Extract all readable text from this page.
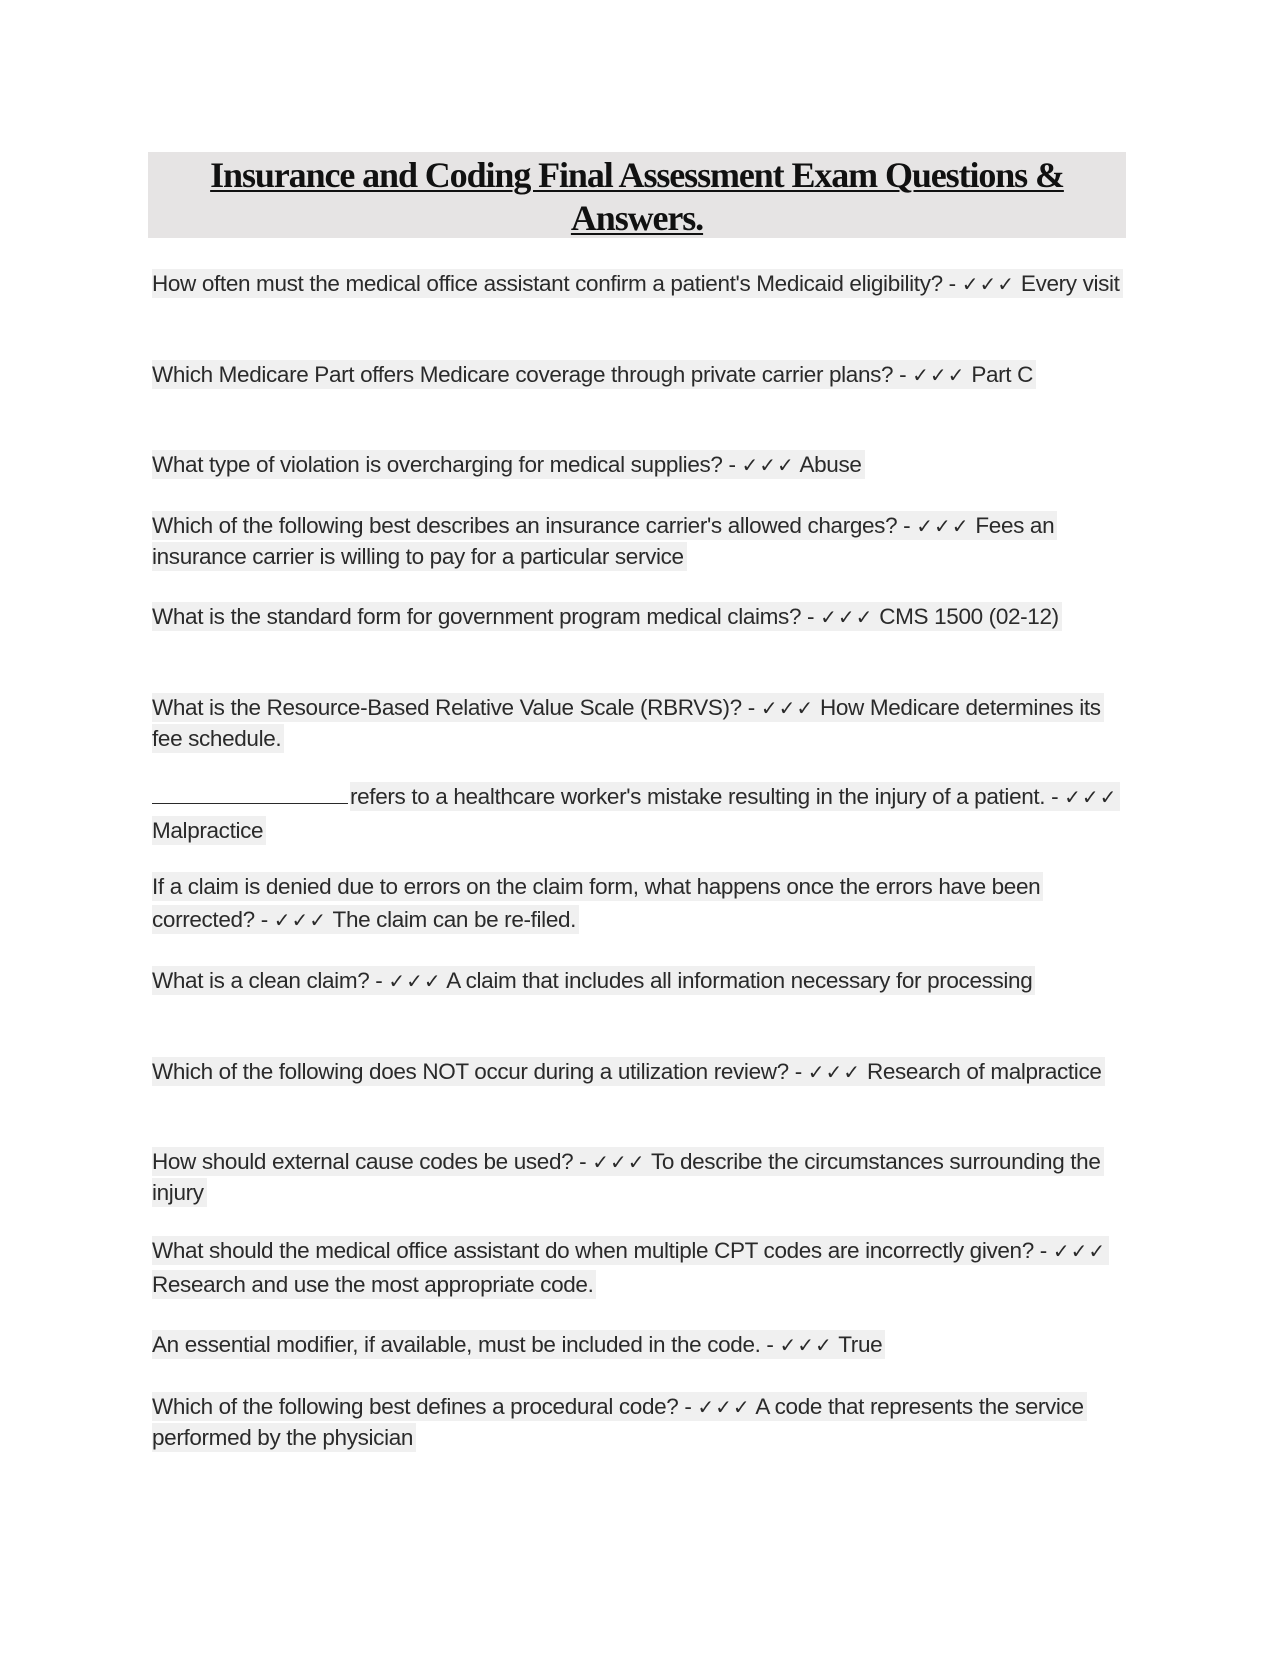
Insurance and Coding Final Assessment Exam Questions &
Answers.

How often must the medical office assistant confirm a patient's Medicaid eligibility? - ✓✓✓ Every visit

Which Medicare Part offers Medicare coverage through private carrier plans? - ✓✓✓ Part C

What type of violation is overcharging for medical supplies? - ✓✓✓ Abuse

Which of the following best describes an insurance carrier's allowed charges? - ✓✓✓ Fees an insurance carrier is willing to pay for a particular service

What is the standard form for government program medical claims? - ✓✓✓ CMS 1500 (02-12)

What is the Resource-Based Relative Value Scale (RBRVS)? - ✓✓✓ How Medicare determines its fee schedule.

refers to a healthcare worker's mistake resulting in the injury of a patient. - ✓✓✓ Malpractice

If a claim is denied due to errors on the claim form, what happens once the errors have been corrected? - ✓✓✓ The claim can be re-filed.

What is a clean claim? - ✓✓✓ A claim that includes all information necessary for processing

Which of the following does NOT occur during a utilization review? - ✓✓✓ Research of malpractice

How should external cause codes be used? - ✓✓✓ To describe the circumstances surrounding the injury

What should the medical office assistant do when multiple CPT codes are incorrectly given? - ✓✓✓ Research and use the most appropriate code.

An essential modifier, if available, must be included in the code. - ✓✓✓ True

Which of the following best defines a procedural code? - ✓✓✓ A code that represents the service performed by the physician
